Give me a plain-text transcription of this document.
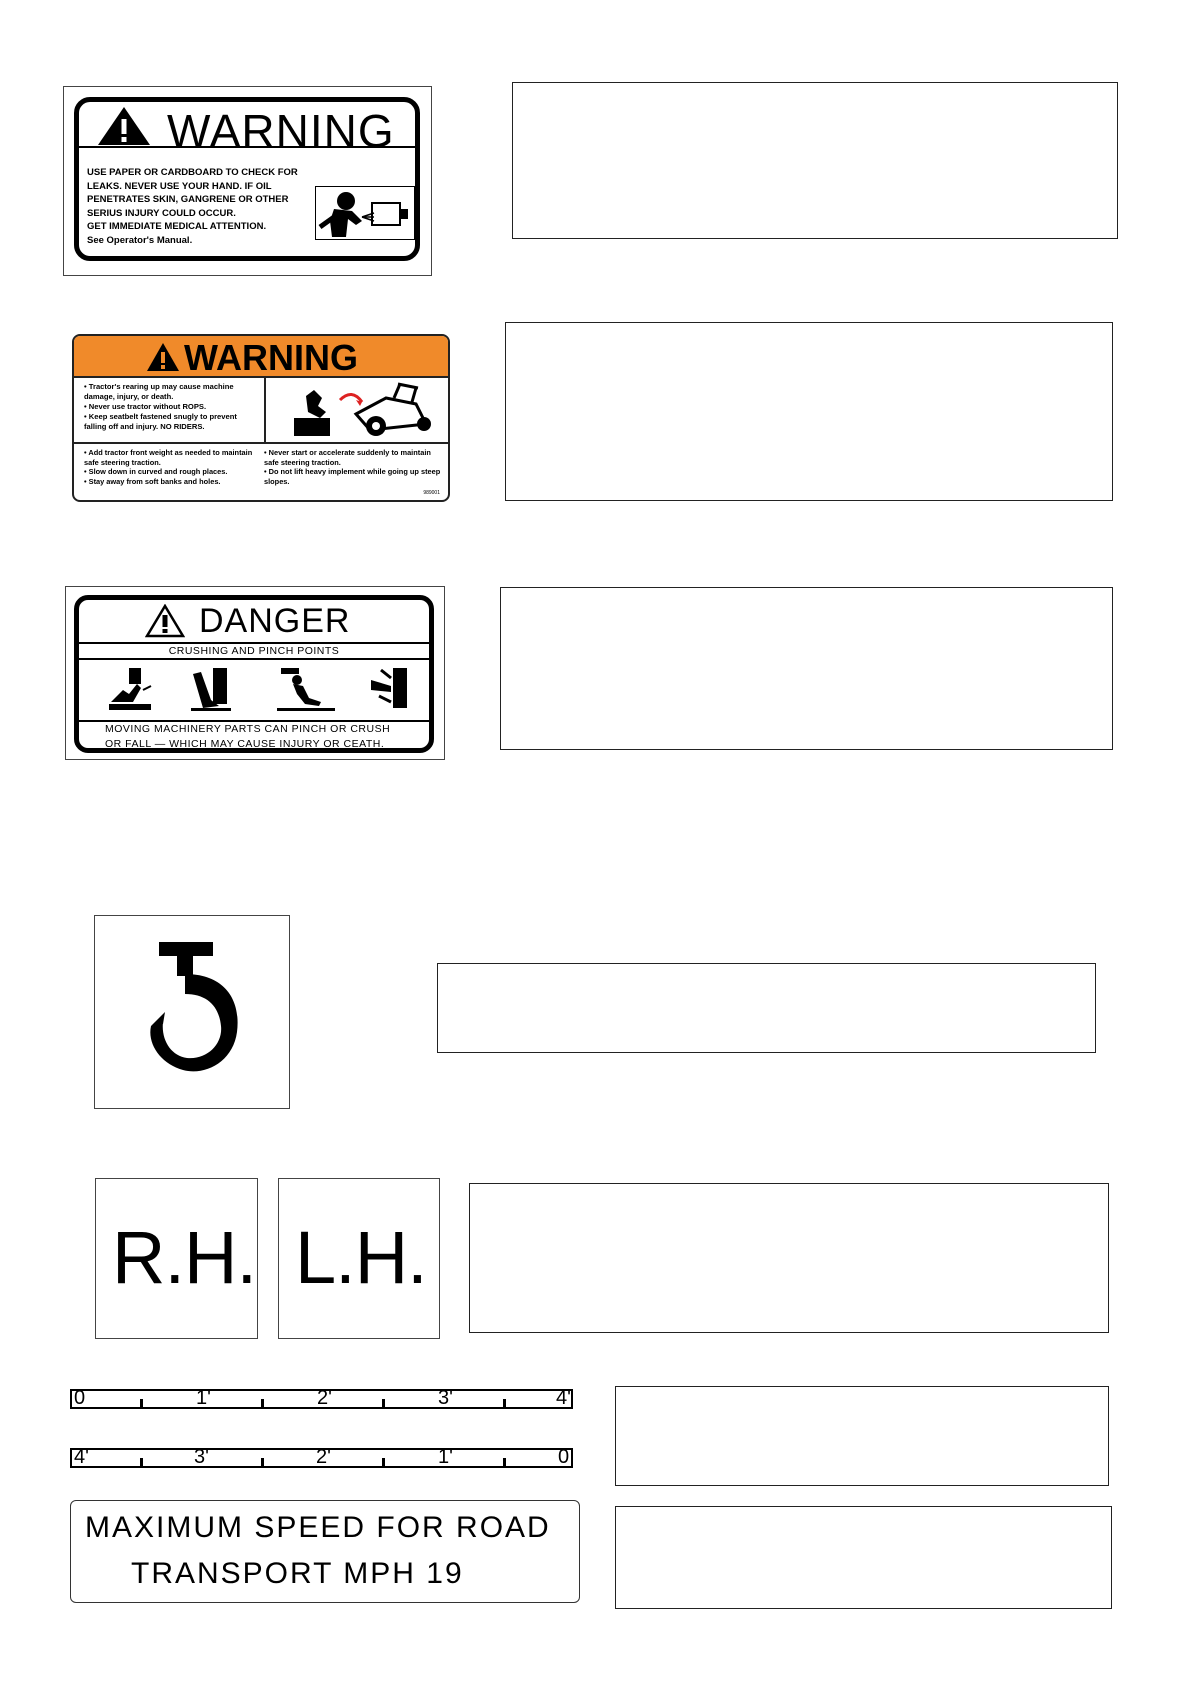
WARNING
USE PAPER OR CARDBOARD TO CHECK FOR
LEAKS. NEVER USE YOUR HAND. IF OIL
PENETRATES SKIN, GANGRENE OR OTHER
SERIUS INJURY COULD OCCUR.
GET IMMEDIATE MEDICAL ATTENTION.
See Operator's Manual.
WARNING
• Tractor's rearing up may cause machine damage, injury, or death.
• Never use tractor without ROPS.
• Keep seatbelt fastened snugly to prevent falling off and injury. NO RIDERS.
• Add tractor front weight as needed to maintain safe steering traction.
• Slow down in curved and rough places.
• Stay away from soft banks and holes.
• Never start or accelerate suddenly to maintain safe steering traction.
• Do not lift heavy implement while going up steep slopes.
989001
DANGER
CRUSHING AND PINCH POINTS
MOVING MACHINERY PARTS CAN PINCH OR CRUSH
OR FALL — WHICH MAY CAUSE INJURY OR CEATH.
R.H. L.H.
0	1'	2'	3'	4'
4'	3'	2'	1'	0
MAXIMUM SPEED FOR ROAD
TRANSPORT MPH 19
